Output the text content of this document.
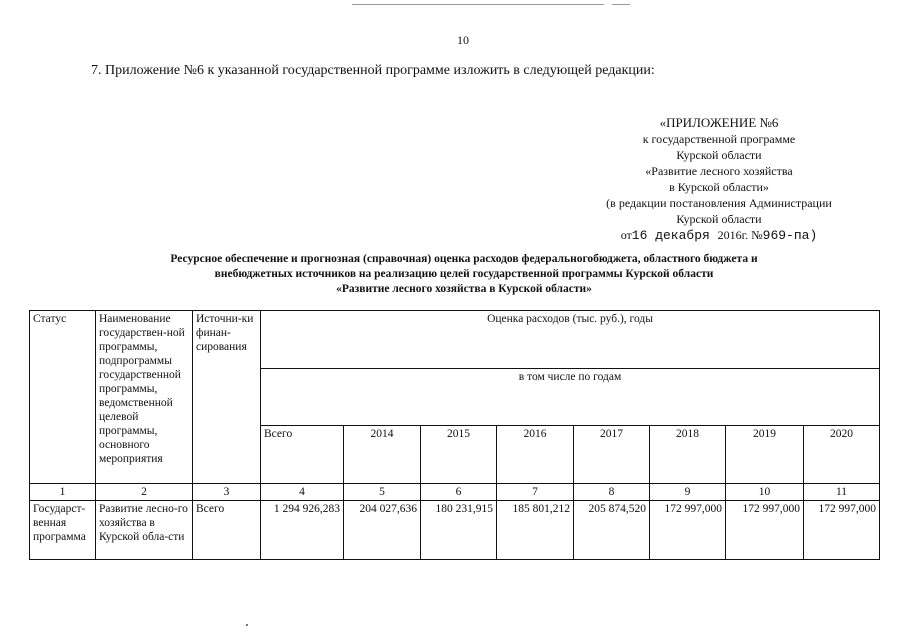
10
7. Приложение №6 к указанной государственной программе изложить в следующей редакции:
«ПРИЛОЖЕНИЕ №6
к государственной программе
Курской области
«Развитие лесного хозяйства
в Курской области»
(в редакции постановления Администрации
Курской области
от16 декабря 2016г. №969-па)
Ресурсное обеспечение и прогнозная (справочная) оценка расходов федеральногобюджета, областного бюджета и
внебюджетных источников на реализацию целей государственной программы Курской области
«Развитие лесного хозяйства в Курской области»
Статус	Наименование государствен-ной программы, подпрограммы государственной программы, ведомственной целевой программы, основного мероприятия	Источни-ки финан-сирования	Оценка расходов (тыс. руб.), годы							
			в том числе по годам							
			Всего	2014	2015	2016	2017	2018	2019	2020
1	2	3	4	5	6	7	8	9	10	11
Государст-венная программа	Развитие лесно-го хозяйства в Курской обла-сти	Всего	1 294 926,283	204 027,636	180 231,915	185 801,212	205 874,520	172 997,000	172 997,000	172 997,000
